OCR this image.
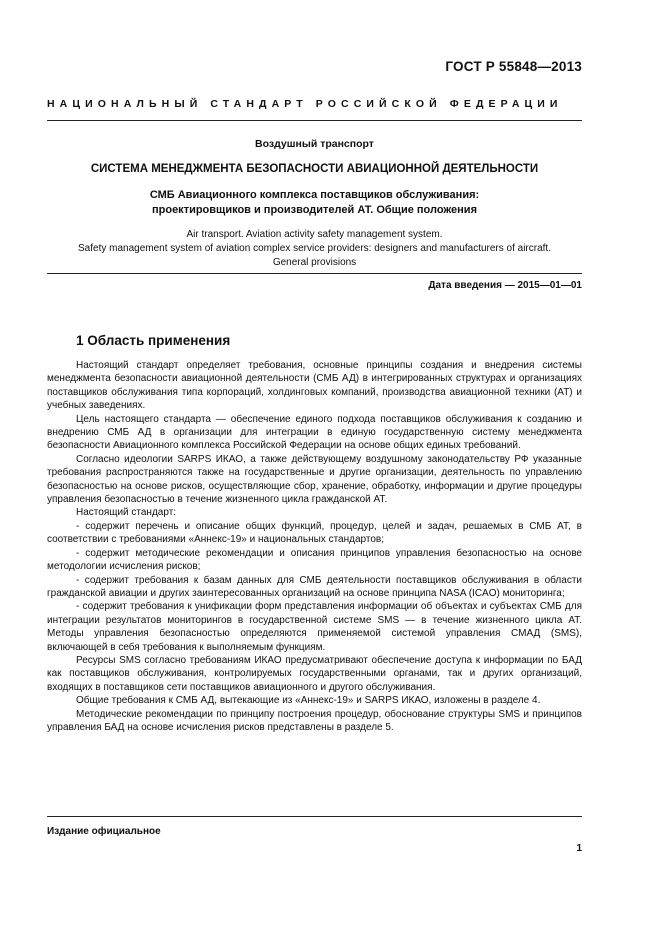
ГОСТ Р 55848—2013
НАЦИОНАЛЬНЫЙ СТАНДАРТ РОССИЙСКОЙ ФЕДЕРАЦИИ
Воздушный транспорт
СИСТЕМА МЕНЕДЖМЕНТА БЕЗОПАСНОСТИ АВИАЦИОННОЙ ДЕЯТЕЛЬНОСТИ
СМБ Авиационного комплекса поставщиков обслуживания:
проектировщиков и производителей АТ. Общие положения
Air transport. Aviation activity safety management system.
Safety management system of aviation complex service providers: designers and manufacturers of aircraft.
General provisions
Дата введения — 2015—01—01
1 Область применения

Настоящий стандарт определяет требования, основные принципы создания и внедрения системы менеджмента безопасности авиационной деятельности (СМБ АД) в интегрированных структурах и организациях поставщиков обслуживания типа корпораций, холдинговых компаний, производства авиационной техники (АТ) и учебных заведениях.

Цель настоящего стандарта — обеспечение единого подхода поставщиков обслуживания к созданию и внедрению СМБ АД в организации для интеграции в единую государственную систему менеджмента безопасности Авиационного комплекса Российской Федерации на основе общих единых требований.

Согласно идеологии SARPS ИКАО, а также действующему воздушному законодательству РФ указанные требования распространяются также на государственные и другие организации, деятельность по управлению безопасностью на основе рисков, осуществляющие сбор, хранение, обработку, информации и другие процедуры управления безопасностью в течение жизненного цикла гражданской АТ.

Настоящий стандарт:

- содержит перечень и описание общих функций, процедур, целей и задач, решаемых в СМБ АТ, в соответствии с требованиями «Аннекс-19» и национальных стандартов;

- содержит методические рекомендации и описания принципов управления безопасностью на основе методологии исчисления рисков;

- содержит требования к базам данных для СМБ деятельности поставщиков обслуживания в области гражданской авиации и других заинтересованных организаций на основе принципа NASA (ICAO) мониторинга;

- содержит требования к унификации форм представления информации об объектах и субъектах СМБ для интеграции результатов мониторингов в государственной системе SMS — в течение жизненного цикла АТ. Методы управления безопасностью определяются применяемой системой управления СМАД (SMS), включающей в себя требования к выполняемым функциям.

Ресурсы SMS согласно требованиям ИКАО предусматривают обеспечение доступа к информации по БАД как поставщиков обслуживания, контролируемых государственными органами, так и других организаций, входящих в поставщиков сети поставщиков авиационного и другого обслуживания.

Общие требования к СМБ АД, вытекающие из «Аннекс-19» и SARPS ИКАО, изложены в разделе 4.

Методические рекомендации по принципу построения процедур, обоснование структуры SMS и принципов управления БАД на основе исчисления рисков представлены в разделе 5.

Издание официальное
1
